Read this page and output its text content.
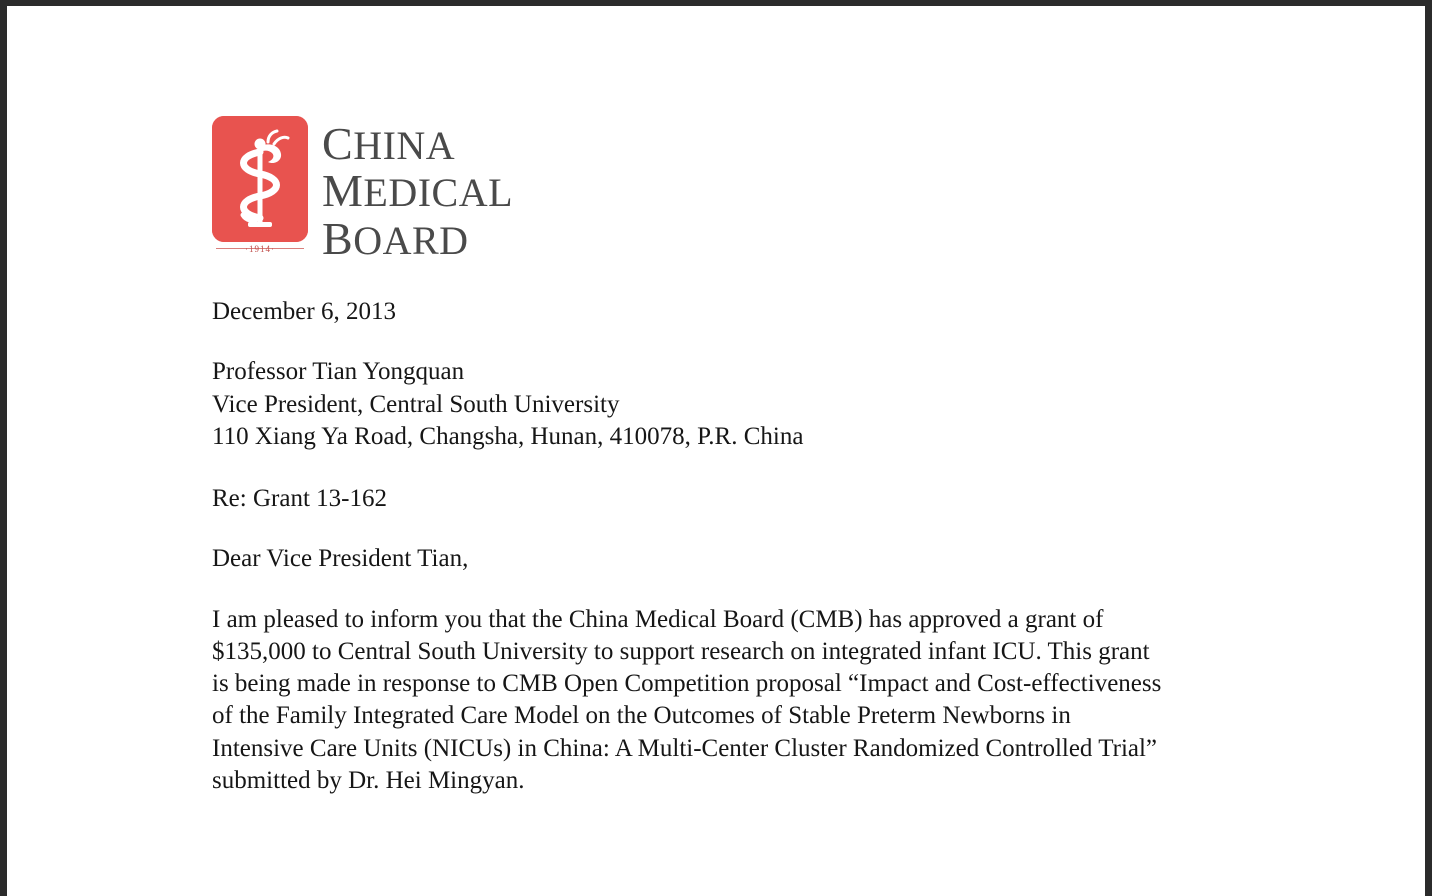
·1914·
CHINA
MEDICAL
BOARD

December 6, 2013

Professor Tian Yongquan

Vice President, Central South University

110 Xiang Ya Road, Changsha, Hunan, 410078, P.R. China

Re: Grant 13-162

Dear Vice President Tian,

I am pleased to inform you that the China Medical Board (CMB) has approved a grant of $135,000 to Central South University to support research on integrated infant ICU. This grant is being made in response to CMB Open Competition proposal “Impact and Cost-effectiveness of the Family Integrated Care Model on the Outcomes of Stable Preterm Newborns in Intensive Care Units (NICUs) in China: A Multi-Center Cluster Randomized Controlled Trial” submitted by Dr. Hei Mingyan.
